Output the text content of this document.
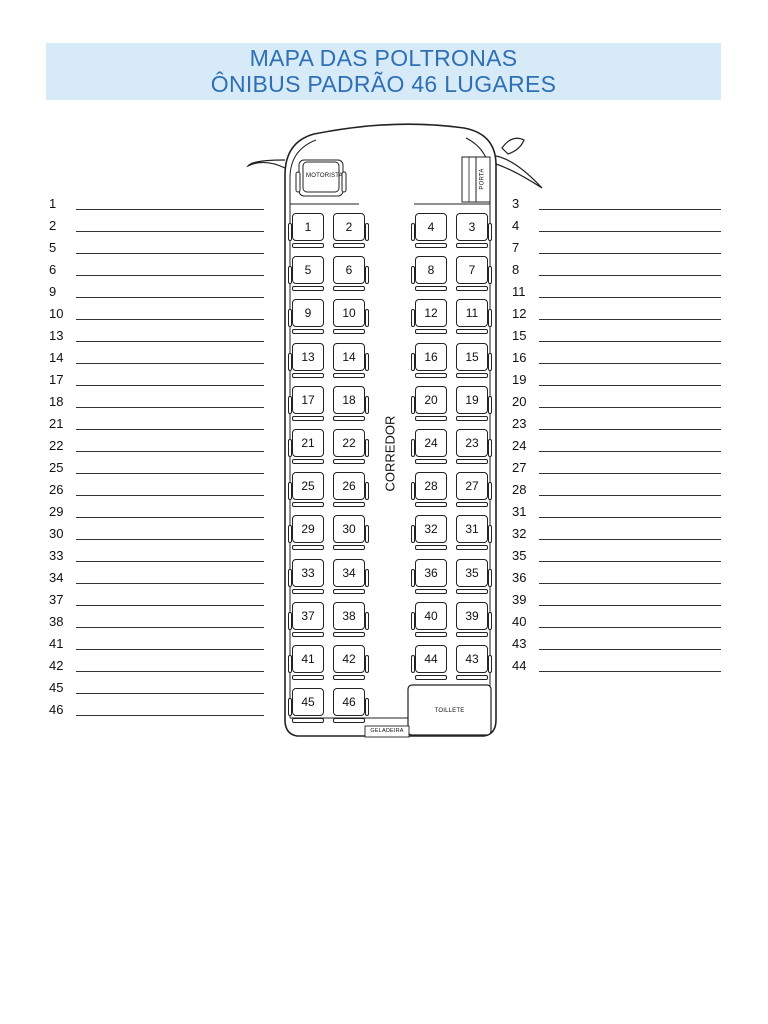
MAPA DAS POLTRONAS
ÔNIBUS PADRÃO 46 LUGARES
1
2
5
6
9
10
13
14
17
18
21
22
25
26
29
30
33
34
37
38
41
42
45
46
3
4
7
8
11
12
15
16
19
20
23
24
27
28
31
32
35
36
39
40
43
44
MOTORISTA	PORTA
CORREDOR
TOILLETE
GELADEIRA
1	2	4	3
5	6	8	7
9	10	12	11
13	14	16	15
17	18	20	19
21	22	24	23
25	26	28	27
29	30	32	31
33	34	36	35
37	38	40	39
41	42	44	43
45	46
